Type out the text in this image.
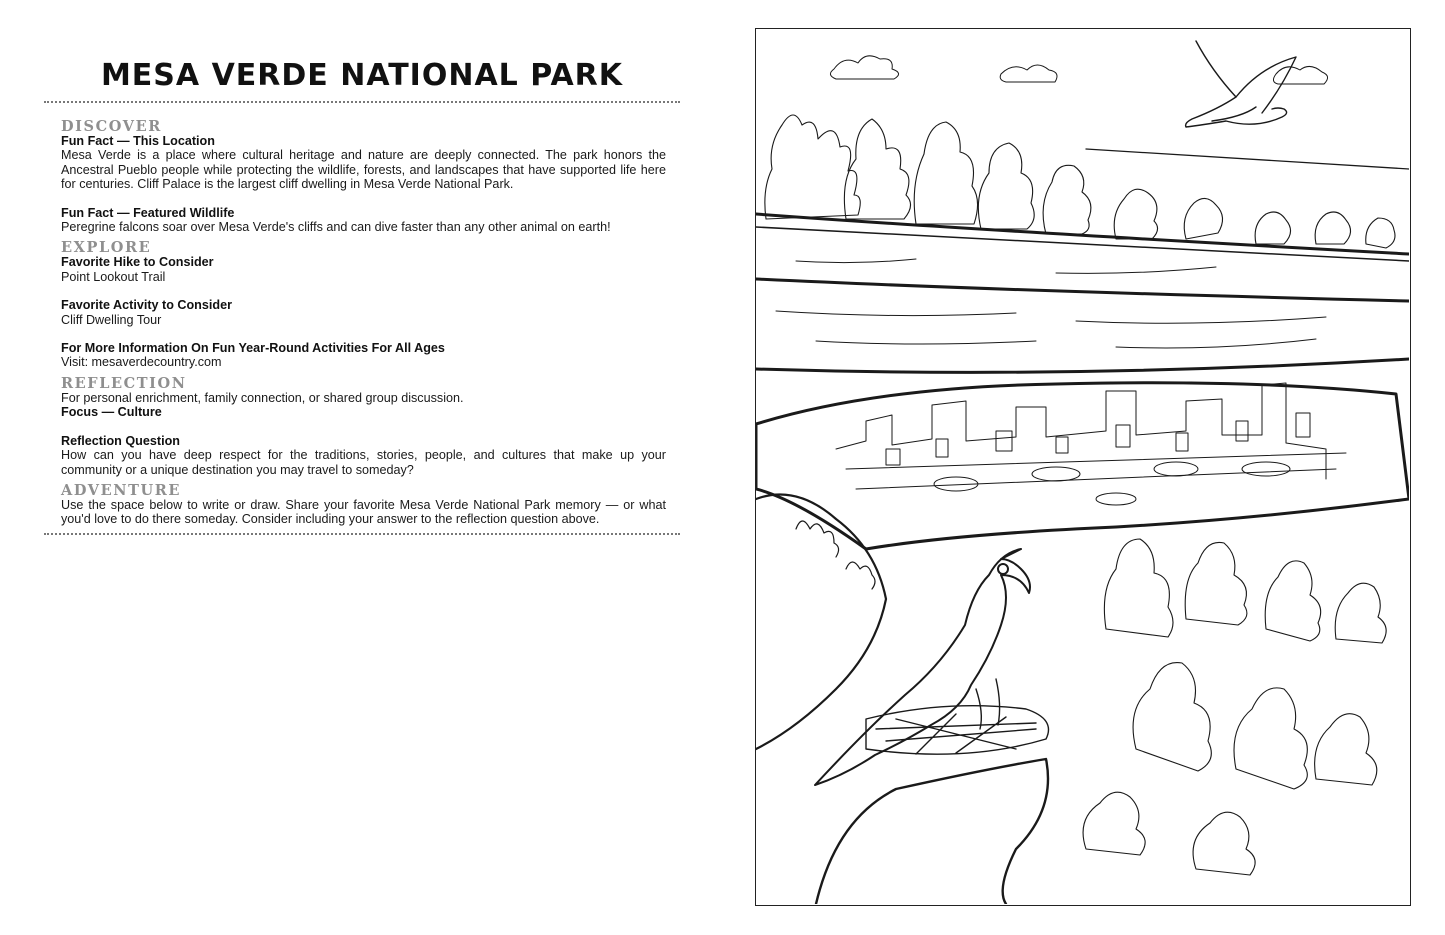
MESA VERDE NATIONAL PARK
DISCOVER
Fun Fact — This Location
Mesa Verde is a place where cultural heritage and nature are deeply connected. The park honors the Ancestral Pueblo people while protecting the wildlife, forests, and landscapes that have supported life here for centuries. Cliff Palace is the largest cliff dwelling in Mesa Verde National Park.
Fun Fact — Featured Wildlife
Peregrine falcons soar over Mesa Verde's cliffs and can dive faster than any other animal on earth!
EXPLORE
Favorite Hike to Consider
Point Lookout Trail
Favorite Activity to Consider
Cliff Dwelling Tour
For More Information On Fun Year-Round Activities For All Ages
Visit: mesaverdecountry.com
REFLECTION
For personal enrichment, family connection, or shared group discussion.
Focus — Culture
Reflection Question
How can you have deep respect for the traditions, stories, people, and cultures that make up your community or a unique destination you may travel to someday?
ADVENTURE
Use the space below to write or draw. Share your favorite Mesa Verde National Park memory — or what you'd love to do there someday. Consider including your answer to the reflection question above.
